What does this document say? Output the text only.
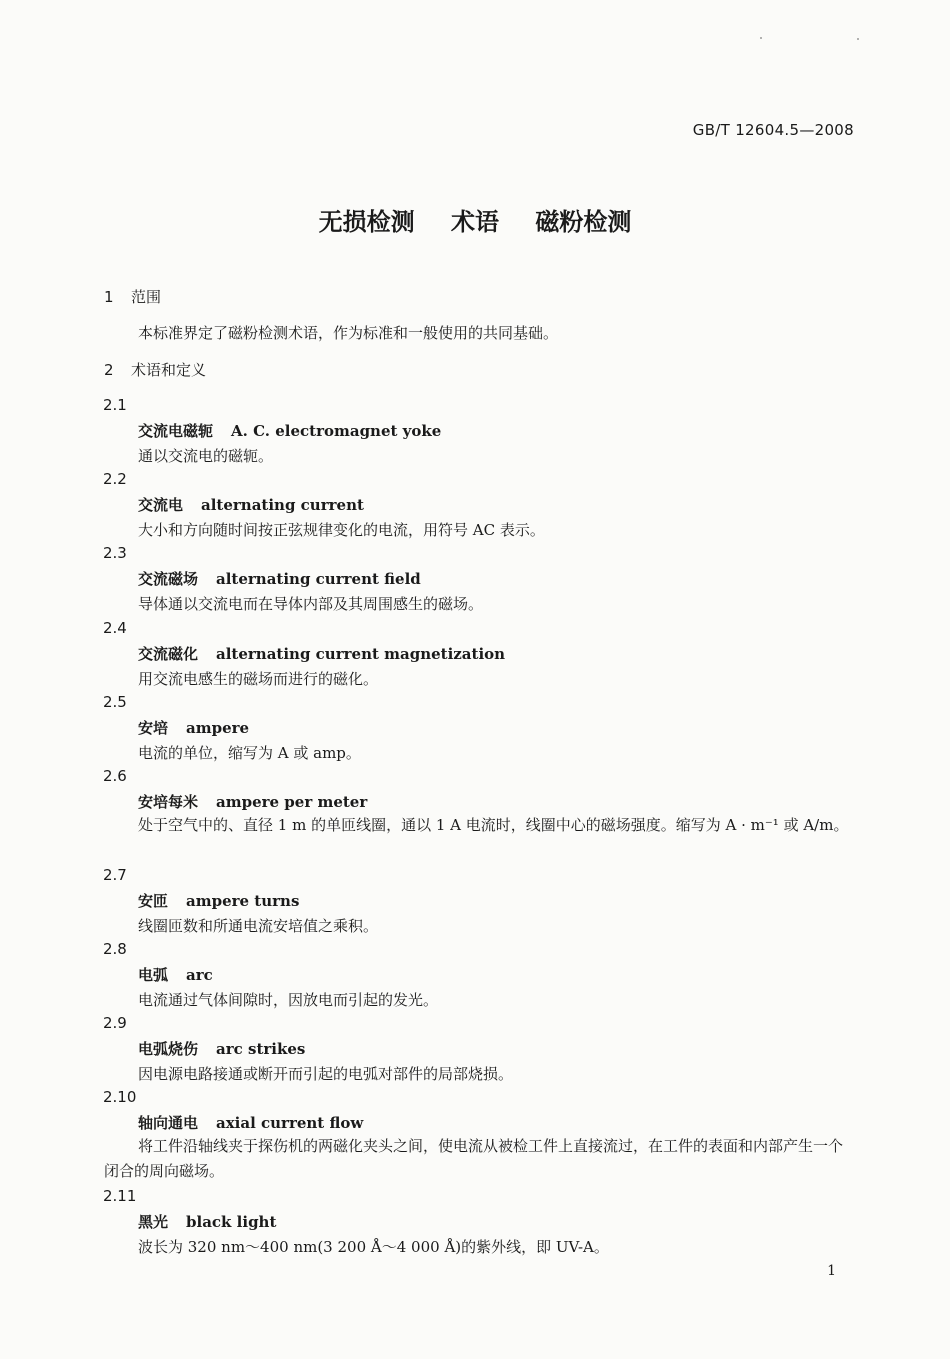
GB/T 12604.5—2008
无损检测 术语 磁粉检测
1 范围
本标准界定了磁粉检测术语，作为标准和一般使用的共同基础。
2 术语和定义
2.1
交流电磁轭 A. C. electromagnet yoke
通以交流电的磁轭。
2.2
交流电 alternating current
大小和方向随时间按正弦规律变化的电流，用符号 AC 表示。
2.3
交流磁场 alternating current field
导体通以交流电而在导体内部及其周围感生的磁场。
2.4
交流磁化 alternating current magnetization
用交流电感生的磁场而进行的磁化。
2.5
安培 ampere
电流的单位，缩写为 A 或 amp。
2.6
安培每米 ampere per meter
处于空气中的、直径 1 m 的单匝线圈，通以 1 A 电流时，线圈中心的磁场强度。缩写为 A · m⁻¹ 或 A/m。
2.7
安匝 ampere turns
线圈匝数和所通电流安培值之乘积。
2.8
电弧 arc
电流通过气体间隙时，因放电而引起的发光。
2.9
电弧烧伤 arc strikes
因电源电路接通或断开而引起的电弧对部件的局部烧损。
2.10
轴向通电 axial current flow
将工件沿轴线夹于探伤机的两磁化夹头之间，使电流从被检工件上直接流过，在工件的表面和内部产生一个闭合的周向磁场。
2.11
黑光 black light
波长为 320 nm～400 nm(3 200 Å～4 000 Å)的紫外线，即 UV-A。
1
